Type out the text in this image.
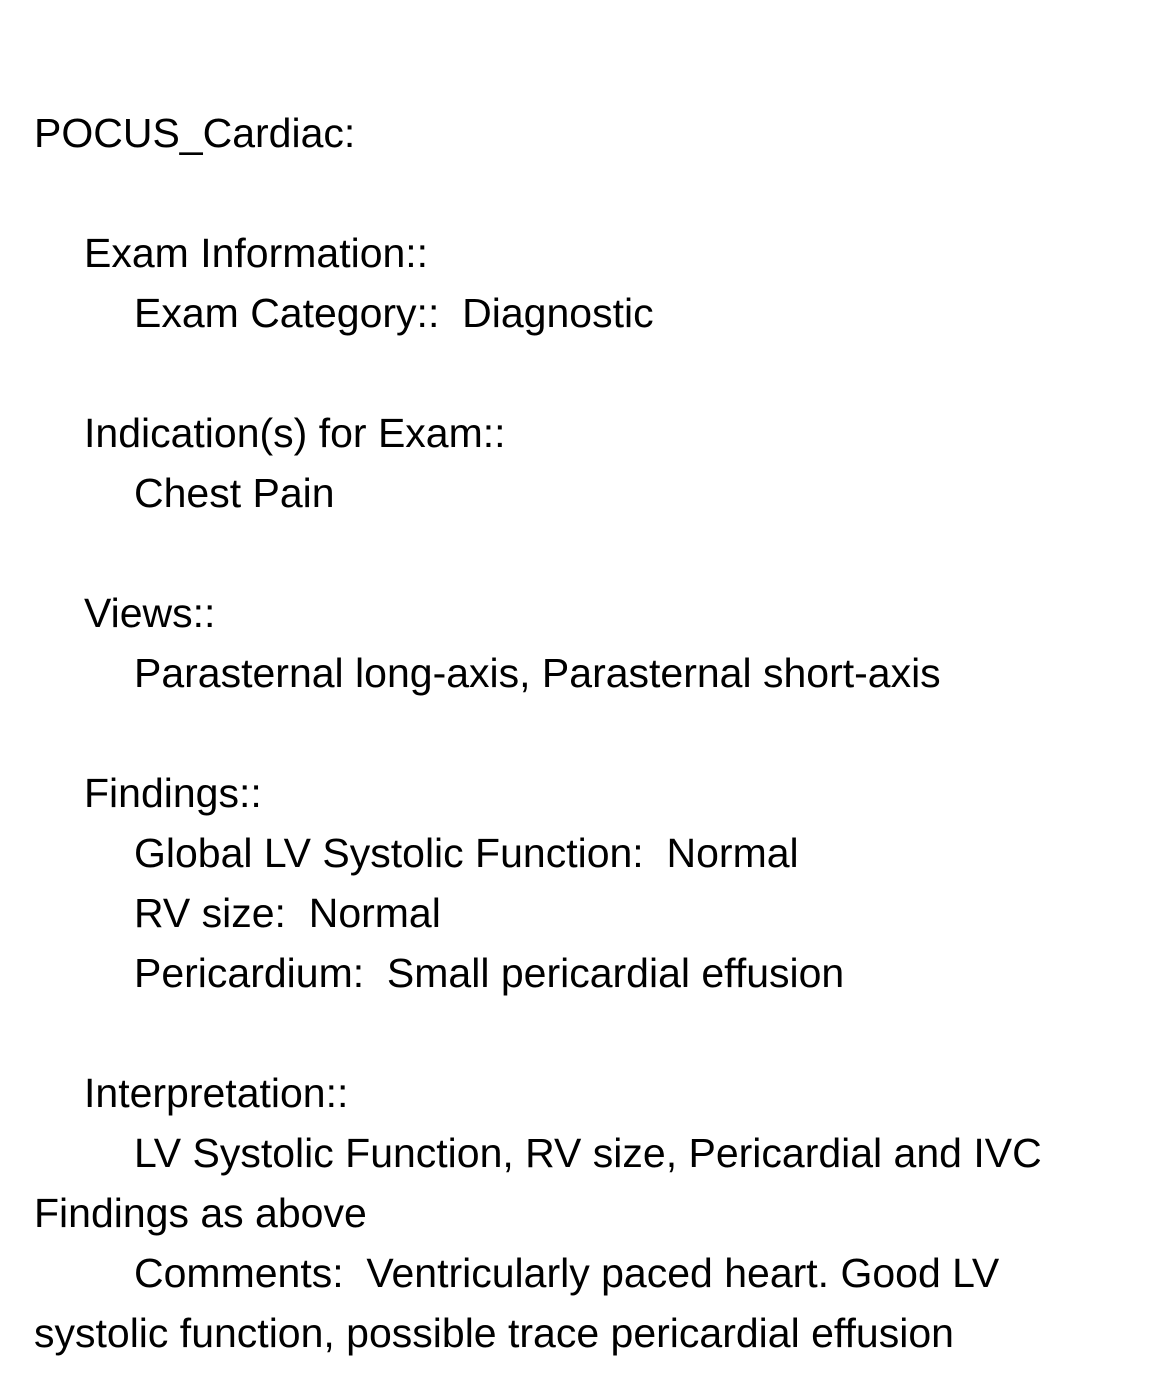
POCUS_Cardiac:
Exam Information::
Exam Category:: Diagnostic
Indication(s) for Exam::
Chest Pain
Views::
Parasternal long-axis, Parasternal short-axis
Findings::
Global LV Systolic Function: Normal
RV size: Normal
Pericardium: Small pericardial effusion
Interpretation::
LV Systolic Function, RV size, Pericardial and IVC Findings as above
Comments: Ventricularly paced heart. Good LV systolic function, possible trace pericardial effusion
